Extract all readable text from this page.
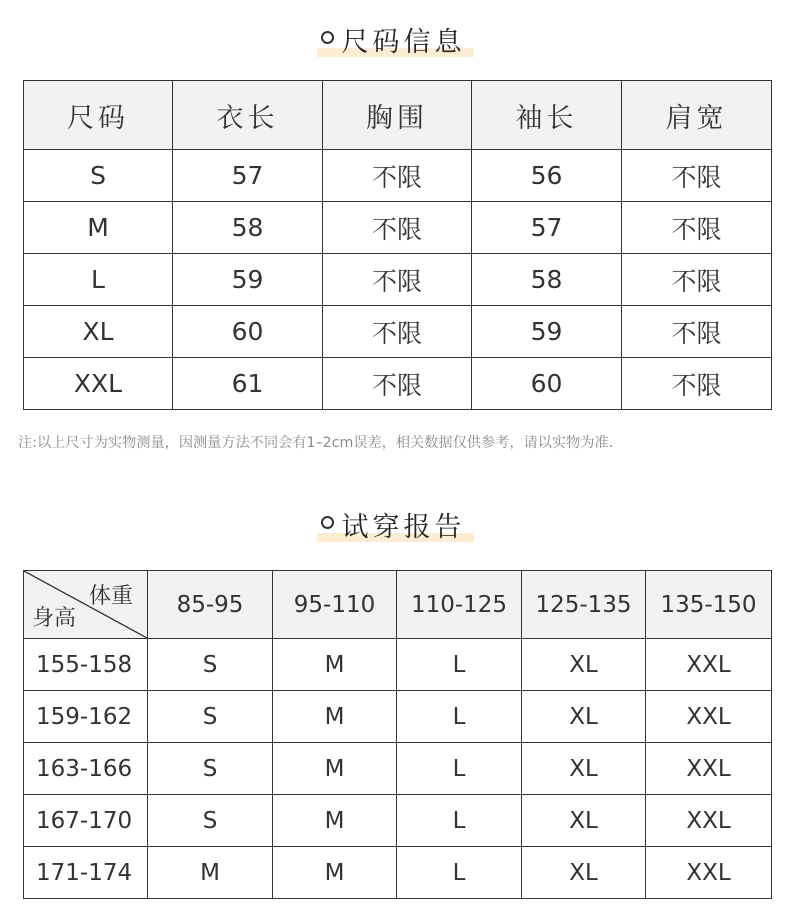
尺码信息
尺码	衣长	胸围	袖长	肩宽
S	57	不限	56	不限
M	58	不限	57	不限
L	59	不限	58	不限
XL	60	不限	59	不限
XXL	61	不限	60	不限
注:以上尺寸为实物测量，因测量方法不同会有1–2cm误差，相关数据仅供参考，请以实物为准.
试穿报告
体重
身高	85-95	95-110	110-125	125-135	135-150
155-158	S	M	L	XL	XXL
159-162	S	M	L	XL	XXL
163-166	S	M	L	XL	XXL
167-170	S	M	L	XL	XXL
171-174	M	M	L	XL	XXL
